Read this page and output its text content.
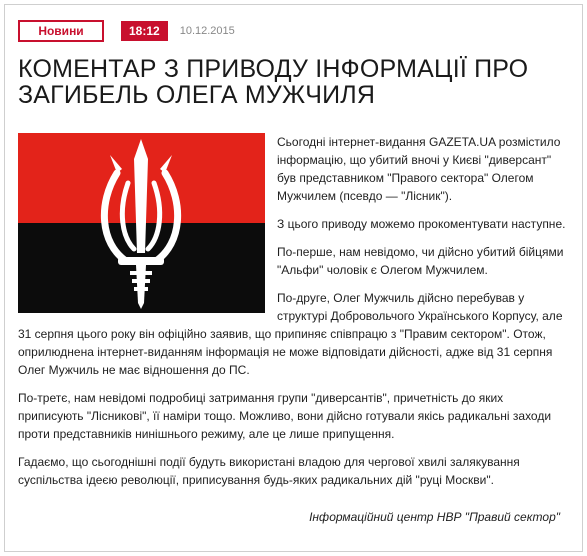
Новини	18:12	10.12.2015
КОМЕНТАР З ПРИВОДУ ІНФОРМАЦІЇ ПРО ЗАГИБЕЛЬ ОЛЕГА МУЖЧИЛЯ

Сьогодні інтернет-видання GAZETA.UA розмістило інформацію, що убитий вночі у Києві "диверсант" був представником "Правого сектора" Олегом Мужчилем (псевдо — "Лісник").

З цього приводу можемо прокоментувати наступне.

По-перше, нам невідомо, чи дійсно убитий бійцями "Альфи" чоловік є Олегом Мужчилем.

По-друге, Олег Мужчиль дійсно перебував у структурі Добровольчого Українського Корпусу, але 31 серпня цього року він офіційно заявив, що припиняє співпрацю з "Правим сектором". Отож, оприлюднена інтернет-виданням інформація не може відповідати дійсності, адже від 31 серпня Олег Мужчиль не має відношення до ПС.

По-третє, нам невідомі подробиці затримання групи "диверсантів", причетність до яких приписують "Лісникові", її наміри тощо. Можливо, вони дійсно готували якісь радикальні заходи проти представників нинішнього режиму, але це лише припущення.

Гадаємо, що сьогоднішні події будуть використані владою для чергової хвилі залякування суспільства ідеєю революції, приписування будь-яких радикальних дій "руці Москви".

Інформаційний центр НВР "Правий сектор"
